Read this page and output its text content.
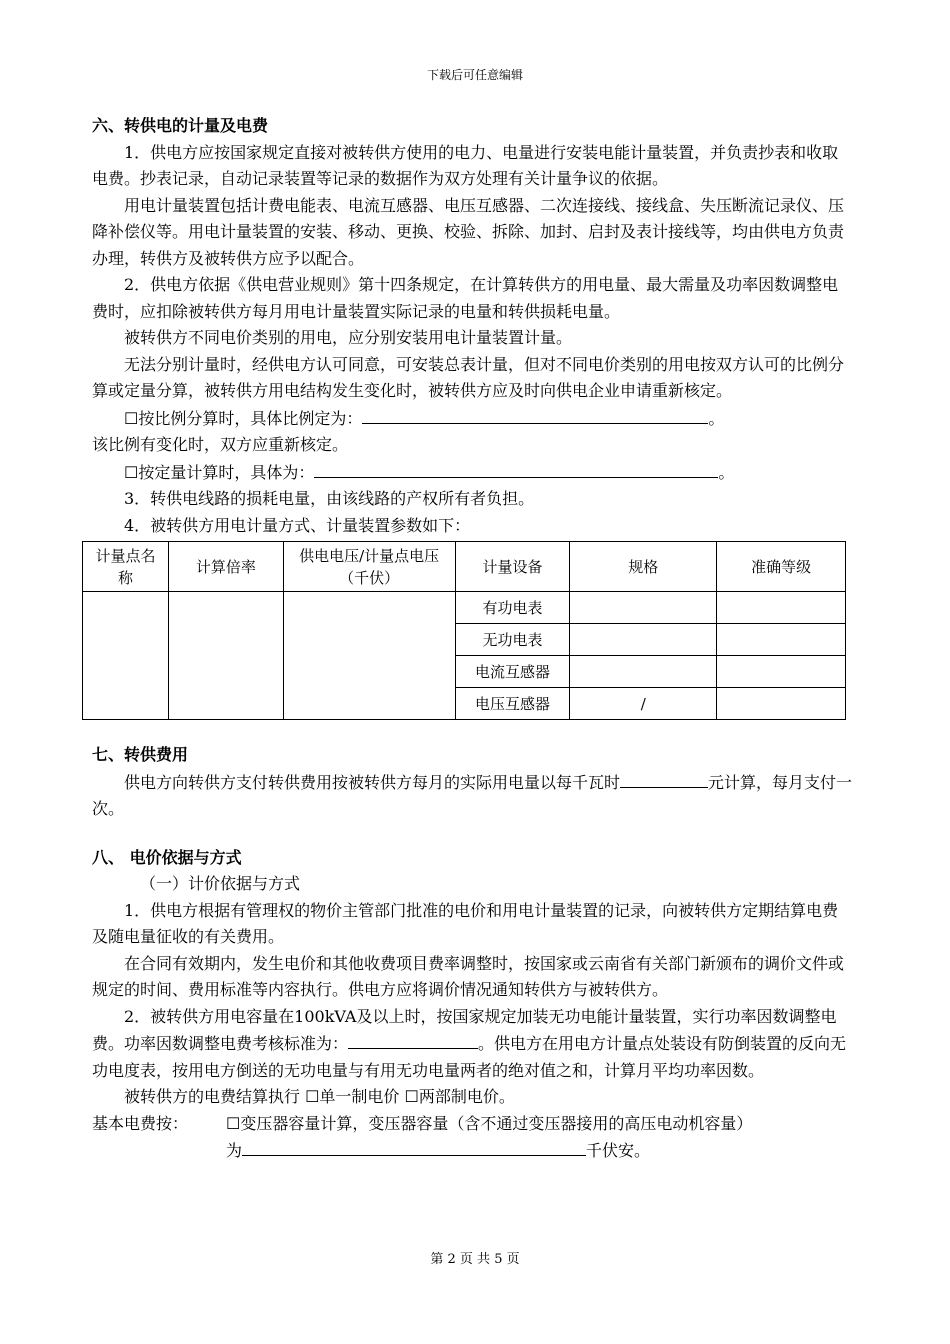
下载后可任意编辑

六、转供电的计量及电费

1．供电方应按国家规定直接对被转供方使用的电力、电量进行安装电能计量装置，并负责抄表和收取电费。抄表记录，自动记录装置等记录的数据作为双方处理有关计量争议的依据。

用电计量装置包括计费电能表、电流互感器、电压互感器、二次连接线、接线盒、失压断流记录仪、压降补偿仪等。用电计量装置的安装、移动、更换、校验、拆除、加封、启封及表计接线等，均由供电方负责办理，转供方及被转供方应予以配合。

2．供电方依据《供电营业规则》第十四条规定，在计算转供方的用电量、最大需量及功率因数调整电费时，应扣除被转供方每月用电计量装置实际记录的电量和转供损耗电量。

被转供方不同电价类别的用电，应分别安装用电计量装置计量。

无法分别计量时，经供电方认可同意，可安装总表计量，但对不同电价类别的用电按双方认可的比例分算或定量分算，被转供方用电结构发生变化时，被转供方应及时向供电企业申请重新核定。

☐按比例分算时，具体比例定为：	。

该比例有变化时，双方应重新核定。

☐按定量计算时，具体为：	。

3．转供电线路的损耗电量，由该线路的产权所有者负担。

4．被转供方用电计量方式、计量装置参数如下：

计量点名称	计算倍率	供电电压/计量点电压（千伏）	计量设备	规格	准确等级
			有功电表		
			无功电表		
			电流互感器		
			电压互感器	/	

七、转供费用

供电方向转供方支付转供费用按被转供方每月的实际用电量以每千瓦时	元计算，每月支付一次。

八、 电价依据与方式

（一）计价依据与方式

1．供电方根据有管理权的物价主管部门批准的电价和用电计量装置的记录，向被转供方定期结算电费及随电量征收的有关费用。

在合同有效期内，发生电价和其他收费项目费率调整时，按国家或云南省有关部门新颁布的调价文件或规定的时间、费用标准等内容执行。供电方应将调价情况通知转供方与被转供方。

2．被转供方用电容量在100kVA及以上时，按国家规定加装无功电能计量装置，实行功率因数调整电费。功率因数调整电费考核标准为：	。供电方在用电方计量点处装设有防倒装置的反向无功电度表，按用电方倒送的无功电量与有用无功电量两者的绝对值之和，计算月平均功率因数。

被转供方的电费结算执行 ☐单一制电价 ☐两部制电价。

基本电费按： ☐变压器容量计算，变压器容量（含不通过变压器接用的高压电动机容量）

为	千伏安。

第 2 页 共 5 页
